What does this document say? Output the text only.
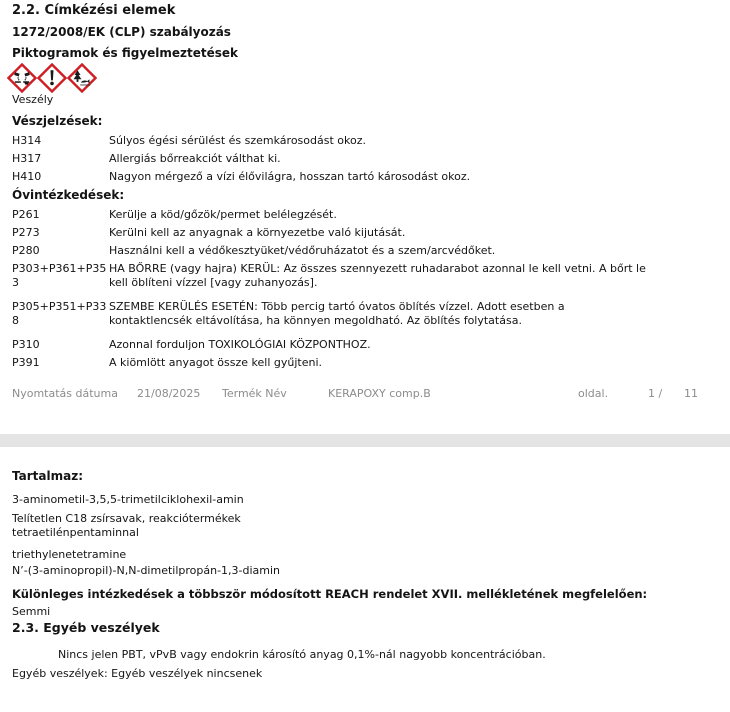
2.2. Címkézési elemek
1272/2008/EK (CLP) szabályozás
Piktogramok és figyelmeztetések
Veszély
Vészjelzések:
H314	Súlyos égési sérülést és szemkárosodást okoz.
H317	Allergiás bőrreakciót válthat ki.
H410	Nagyon mérgező a vízi élővilágra, hosszan tartó károsodást okoz.
Óvintézkedések:
P261	Kerülje a köd/gőzök/permet belélegzését.
P273	Kerülni kell az anyagnak a környezetbe való kijutását.
P280	Használni kell a védőkesztyüket/védőruházatot és a szem/arcvédőket.
P303+P361+P353
HA BŐRRE (vagy hajra) KERÜL: Az összes szennyezett ruhadarabot azonnal le kell vetni. A bőrt le kell öblíteni vízzel [vagy zuhanyozás].
P305+P351+P338
SZEMBE KERÜLÉS ESETÉN: Több percig tartó óvatos öblítés vízzel. Adott esetben a kontaktlencsék eltávolítása, ha könnyen megoldható. Az öblítés folytatása.
P310	Azonnal forduljon TOXIKOLÓGIAI KÖZPONTHOZ.
P391	A kiömlött anyagot össze kell gyűjteni.
Nyomtatás dátuma 21/08/2025 Termék Név	KERAPOXY comp.B	oldal.	1 / 11
Tartalmaz:
3-aminometil-3,5,5-trimetilciklohexil-amin
Telítetlen C18 zsírsavak, reakciótermékek tetraetilénpentaminnal
triethylenetetramine
N’-(3-aminopropil)-N,N-dimetilpropán-1,3-diamin
Különleges intézkedések a többször módosított REACH rendelet XVII. mellékletének megfelelően:
Semmi
2.3. Egyéb veszélyek
Nincs jelen PBT, vPvB vagy endokrin károsító anyag 0,1%-nál nagyobb koncentrációban.
Egyéb veszélyek: Egyéb veszélyek nincsenek
